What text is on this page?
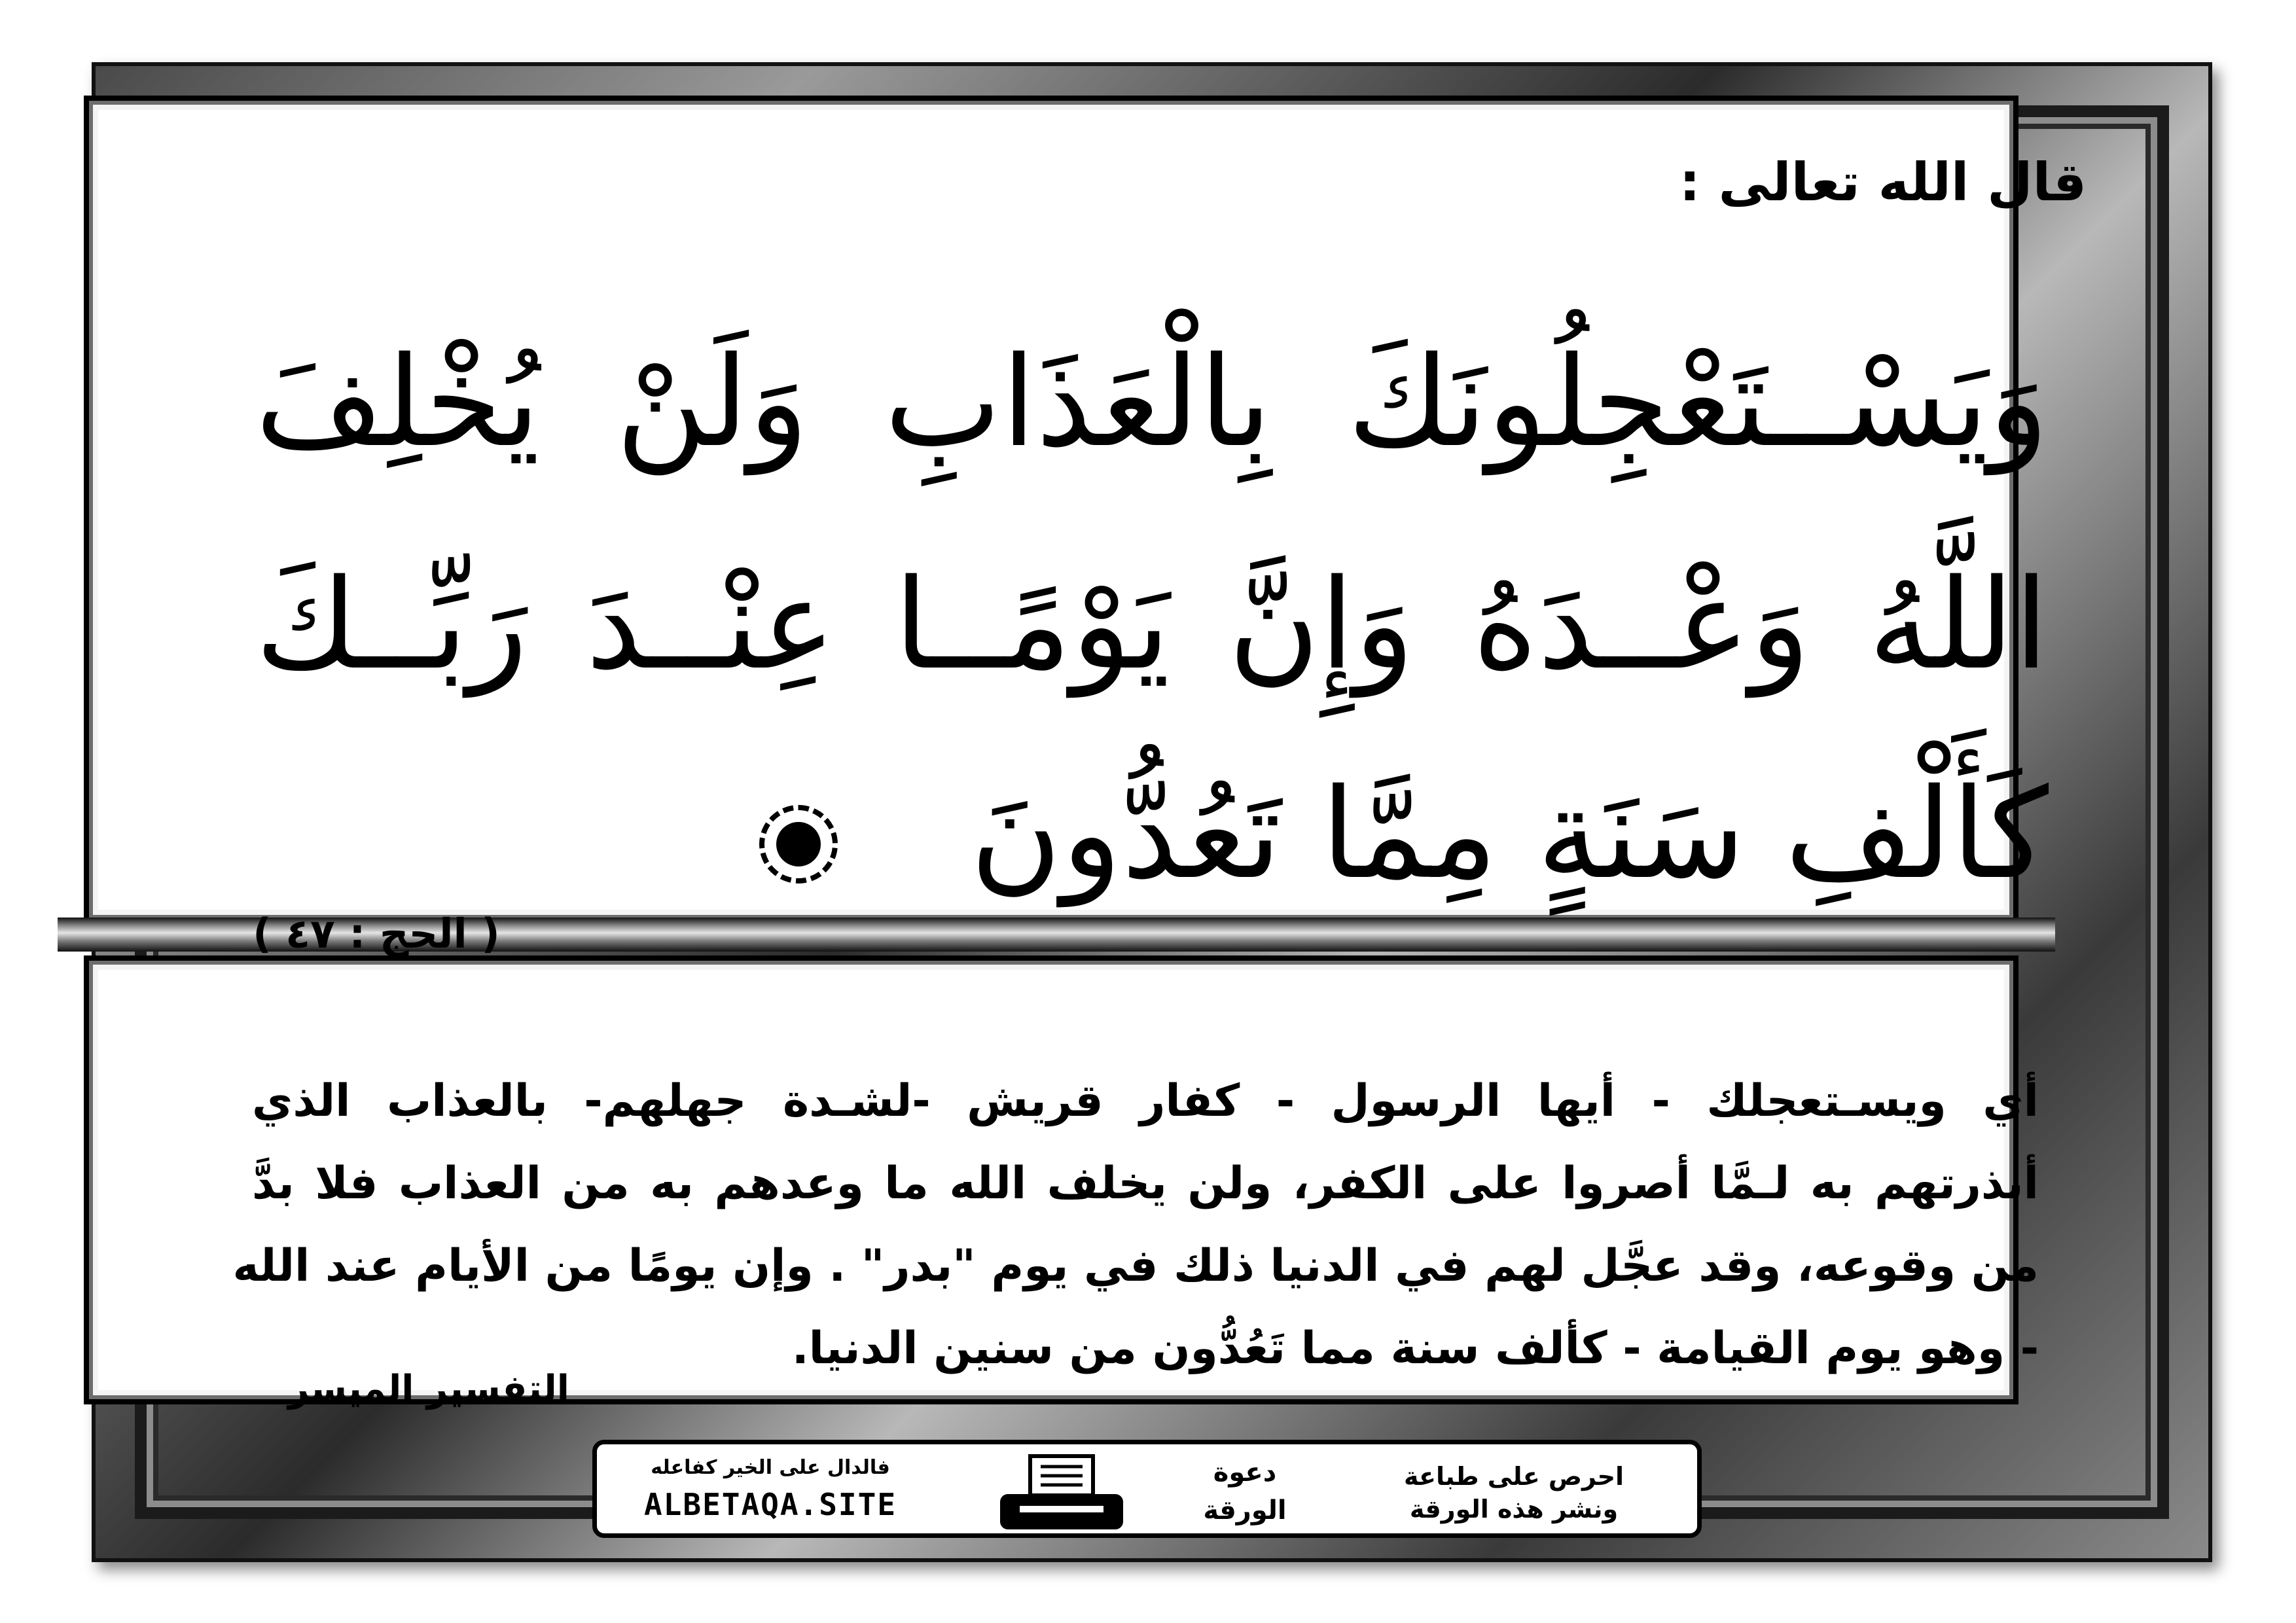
قال الله تعالى :
وَيَسْــتَعْجِلُونَكَ بِالْعَذَابِ وَلَنْ يُخْلِفَ
اللَّهُ وَعْــدَهُ وَإِنَّ يَوْمًــا عِنْــدَ رَبِّــكَ
كَأَلْفِ سَنَةٍ مِمَّا تَعُدُّونَ
( الحج : ٤٧ )
أي ويسـتعجلك - أيها الرسول - كفار قريش -لشـدة جهلهم- بالعذاب الذي
أنذرتهم به لـمَّا أصروا على الكفر، ولن يخلف الله ما وعدهم به من العذاب فلا بدَّ
من وقوعه، وقد عجَّل لهم في الدنيا ذلك في يوم "بدر" . وإن يومًا من الأيام عند الله
- وهو يوم القيامة - كألف سنة مما تَعُدُّون من سنين الدنيا.
التفسير الميسر
فالدال على الخير كفاعله
ALBETAQA.SITE
دعوة
الورقة
احرص على طباعة
ونشر هذه الورقة
